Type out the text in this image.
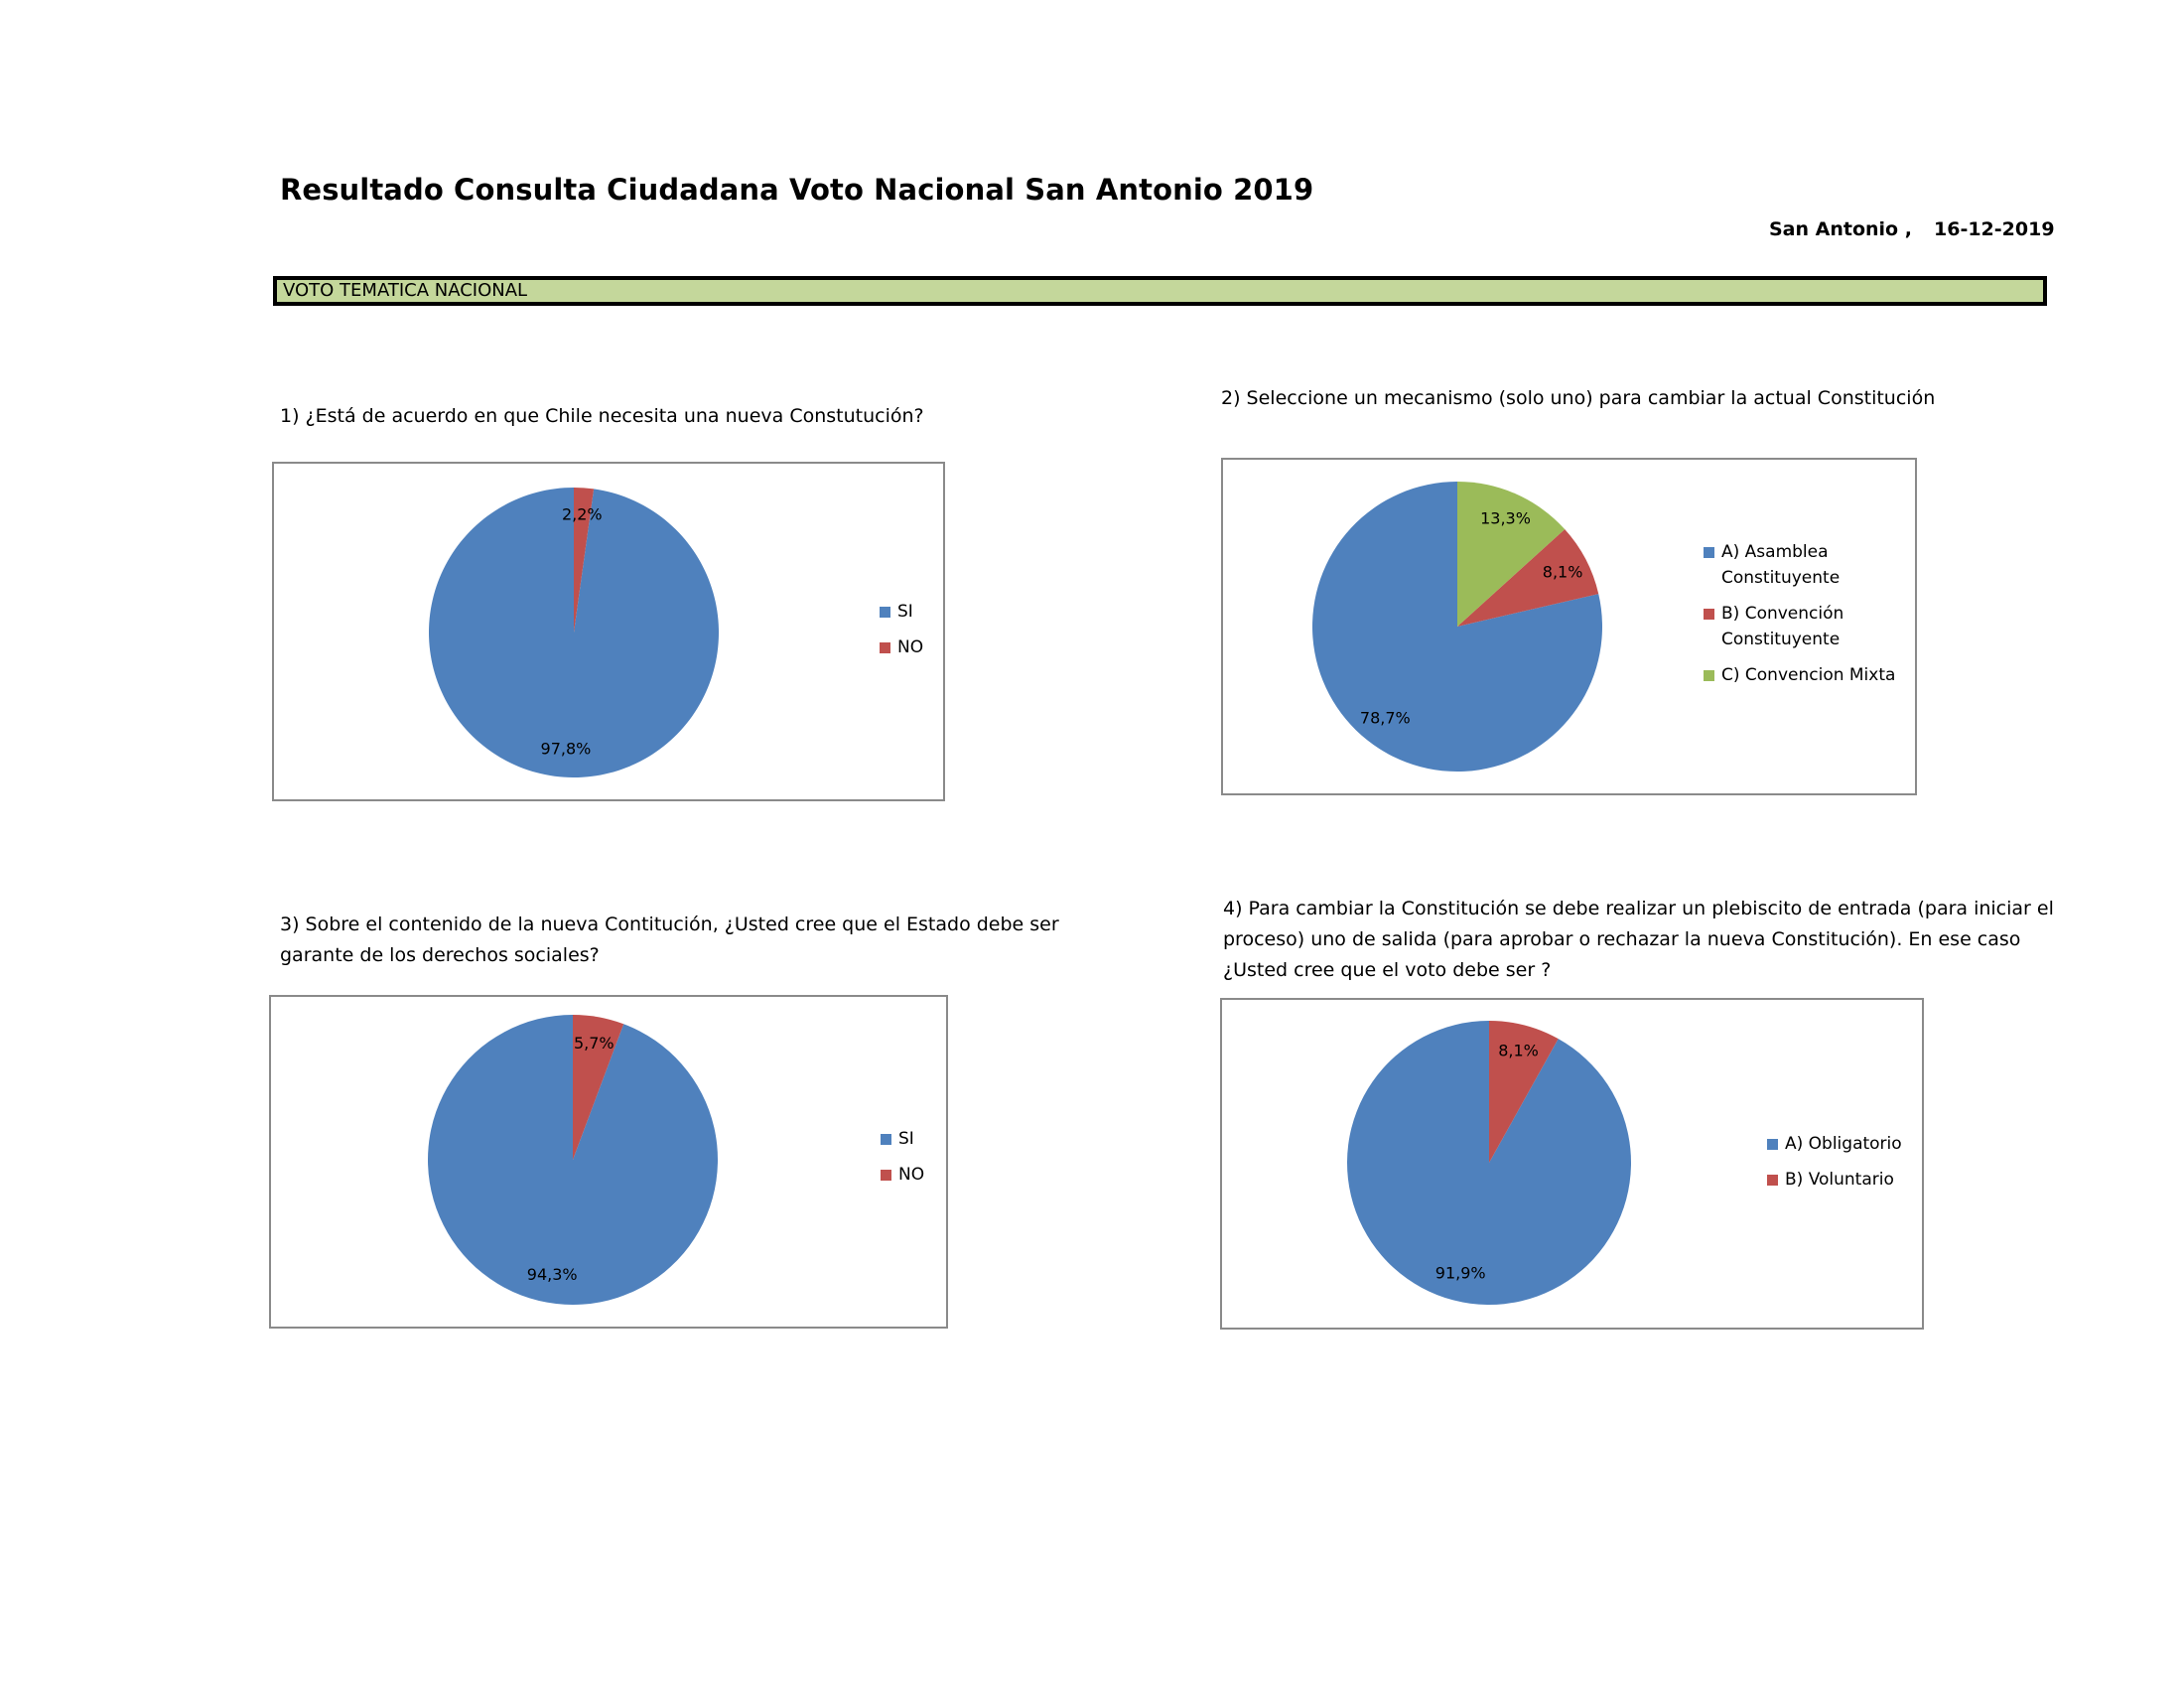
Resultado Consulta Ciudadana Voto Nacional San Antonio 2019
San Antonio , 16-12-2019
VOTO TEMATICA NACIONAL
1) ¿Está de acuerdo en que Chile necesita una nueva Constutución?
97,8%
2,2%
SI
NO
2) Seleccione un mecanismo (solo uno) para cambiar la actual Constitución
78,7%
8,1%
13,3%
A) Asamblea
Constituyente
B) Convención
Constituyente
C) Convencion Mixta
3) Sobre el contenido de la nueva Contitución, ¿Usted cree que el Estado debe ser
garante de los derechos sociales?
94,3%
5,7%
SI
NO
4) Para cambiar la Constitución se debe realizar un plebiscito de entrada (para iniciar el
proceso) uno de salida (para aprobar o rechazar la nueva Constitución). En ese caso
¿Usted cree que el voto debe ser ?
91,9%
8,1%
A) Obligatorio
B) Voluntario
